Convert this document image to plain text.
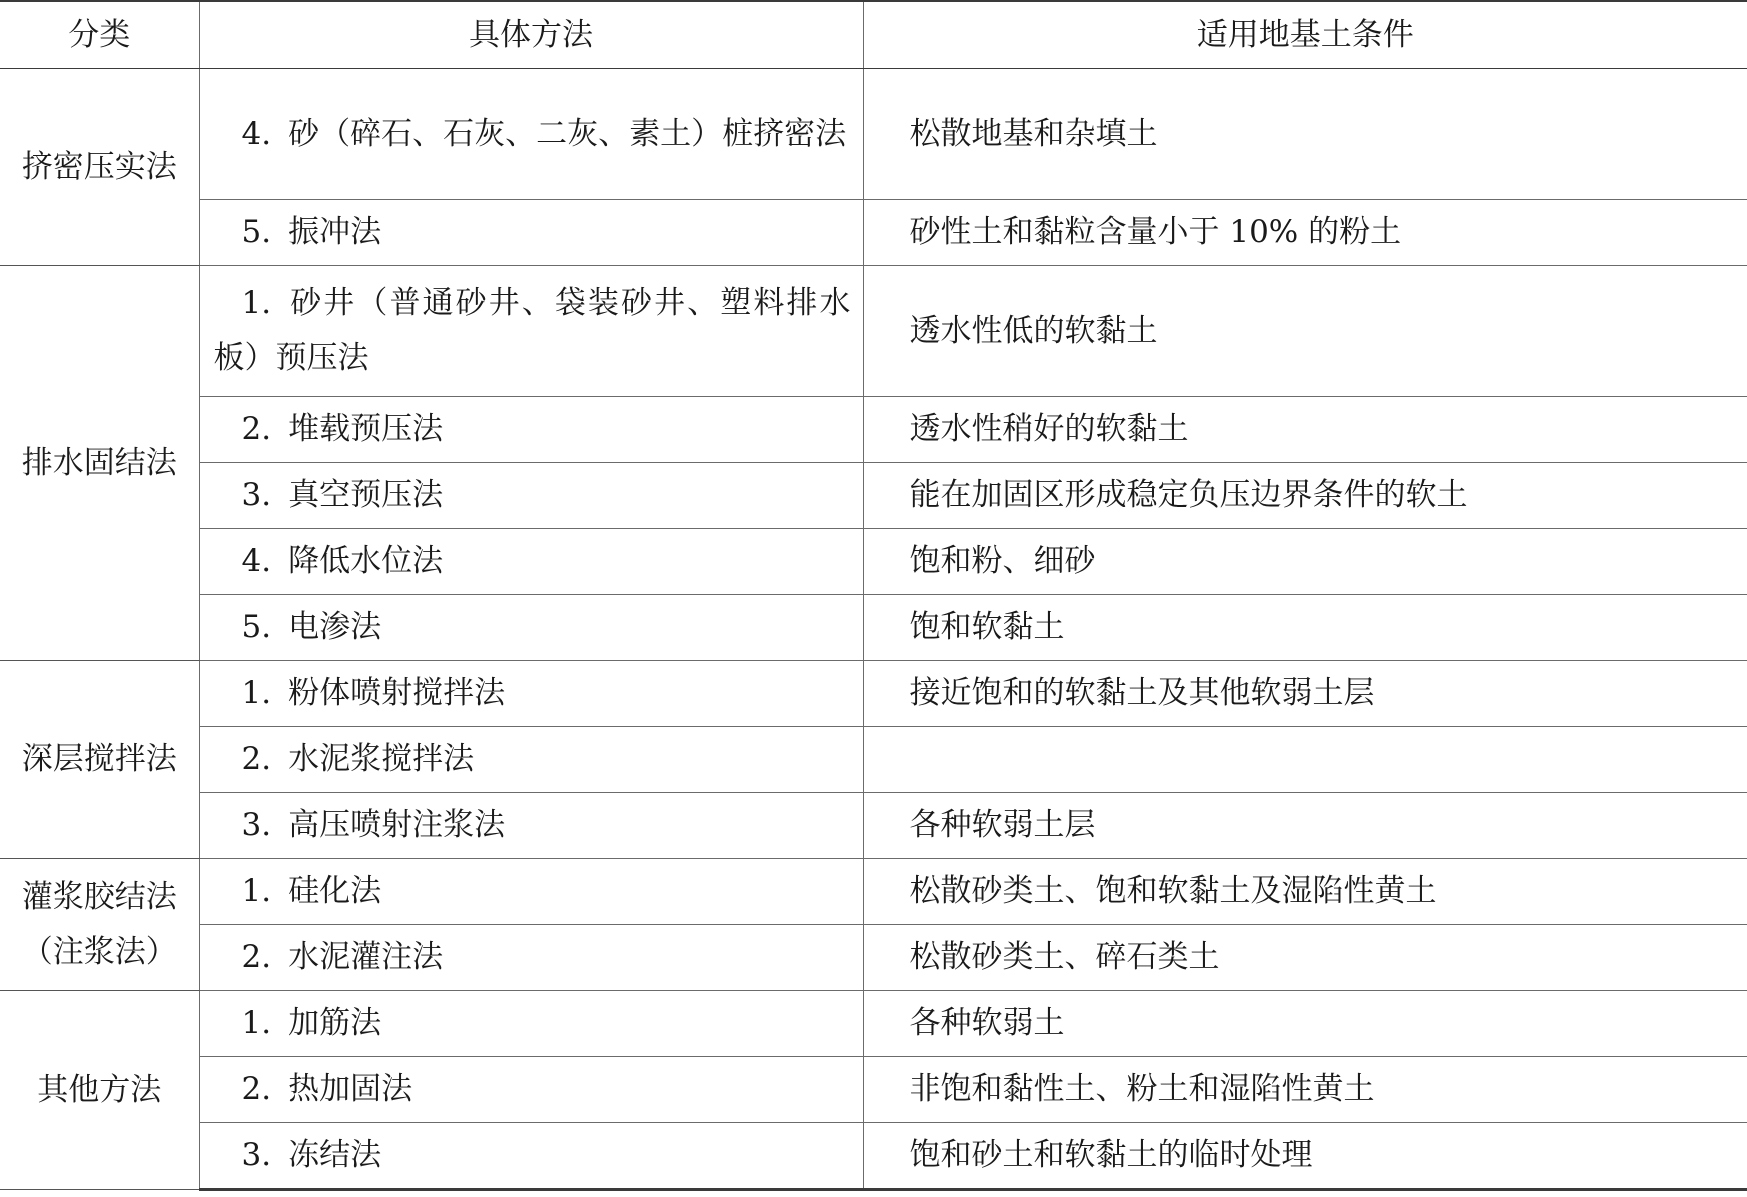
分类	具体方法	适用地基土条件
挤密压实法	4. 砂（碎石、石灰、二灰、素土）桩挤密法	松散地基和杂填土
	5. 振冲法	砂性土和黏粒含量小于 10% 的粉土
排水固结法	1. 砂井（普通砂井、袋装砂井、塑料排水板）预压法	透水性低的软黏土
	2. 堆载预压法	透水性稍好的软黏土
	3. 真空预压法	能在加固区形成稳定负压边界条件的软土
	4. 降低水位法	饱和粉、细砂
	5. 电渗法	饱和软黏土
深层搅拌法	1. 粉体喷射搅拌法	接近饱和的软黏土及其他软弱土层
	2. 水泥浆搅拌法	
	3. 高压喷射注浆法	各种软弱土层
灌浆胶结法（注浆法）	1. 硅化法	松散砂类土、饱和软黏土及湿陷性黄土
	2. 水泥灌注法	松散砂类土、碎石类土
其他方法	1. 加筋法	各种软弱土
	2. 热加固法	非饱和黏性土、粉土和湿陷性黄土
	3. 冻结法	饱和砂土和软黏土的临时处理
